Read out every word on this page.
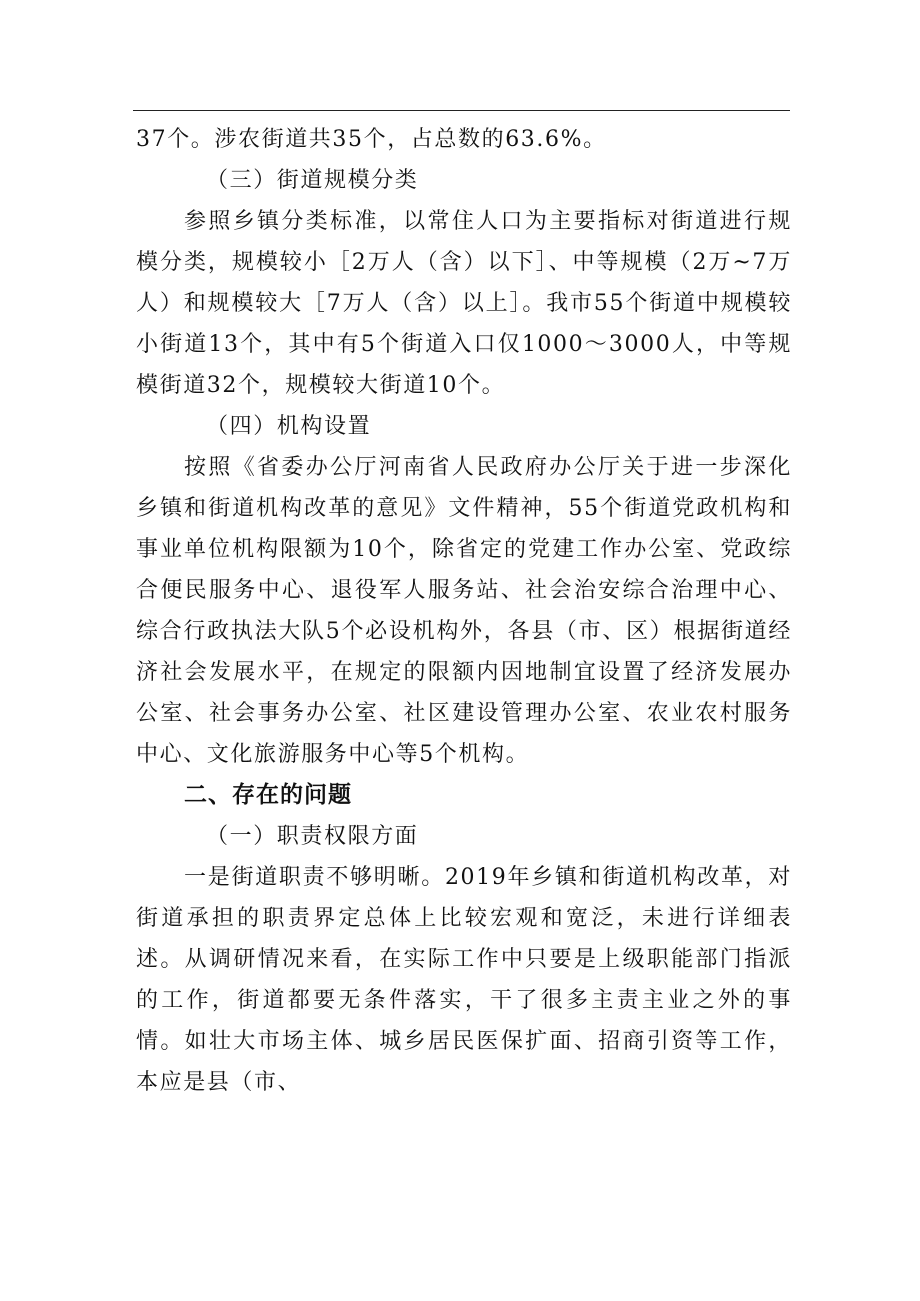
37个。涉农街道共35个，占总数的63.6%。

（三）街道规模分类

参照乡镇分类标准，以常住人口为主要指标对街道进行规模分类，规模较小［2万人（含）以下］、中等规模（2万~7万人）和规模较大［7万人（含）以上］。我市55个街道中规模较小街道13个，其中有5个街道入口仅1000～3000人，中等规模街道32个，规模较大街道10个。

（四）机构设置

按照《省委办公厅河南省人民政府办公厅关于进一步深化乡镇和街道机构改革的意见》文件精神，55个街道党政机构和事业单位机构限额为10个，除省定的党建工作办公室、党政综合便民服务中心、退役军人服务站、社会治安综合治理中心、综合行政执法大队5个必设机构外，各县（市、区）根据街道经济社会发展水平，在规定的限额内因地制宜设置了经济发展办公室、社会事务办公室、社区建设管理办公室、农业农村服务中心、文化旅游服务中心等5个机构。

二、存在的问题

（一）职责权限方面

一是街道职责不够明晰。2019年乡镇和街道机构改革，对街道承担的职责界定总体上比较宏观和宽泛，未进行详细表述。从调研情况来看，在实际工作中只要是上级职能部门指派的工作，街道都要无条件落实，干了很多主责主业之外的事情。如壮大市场主体、城乡居民医保扩面、招商引资等工作，本应是县（市、
